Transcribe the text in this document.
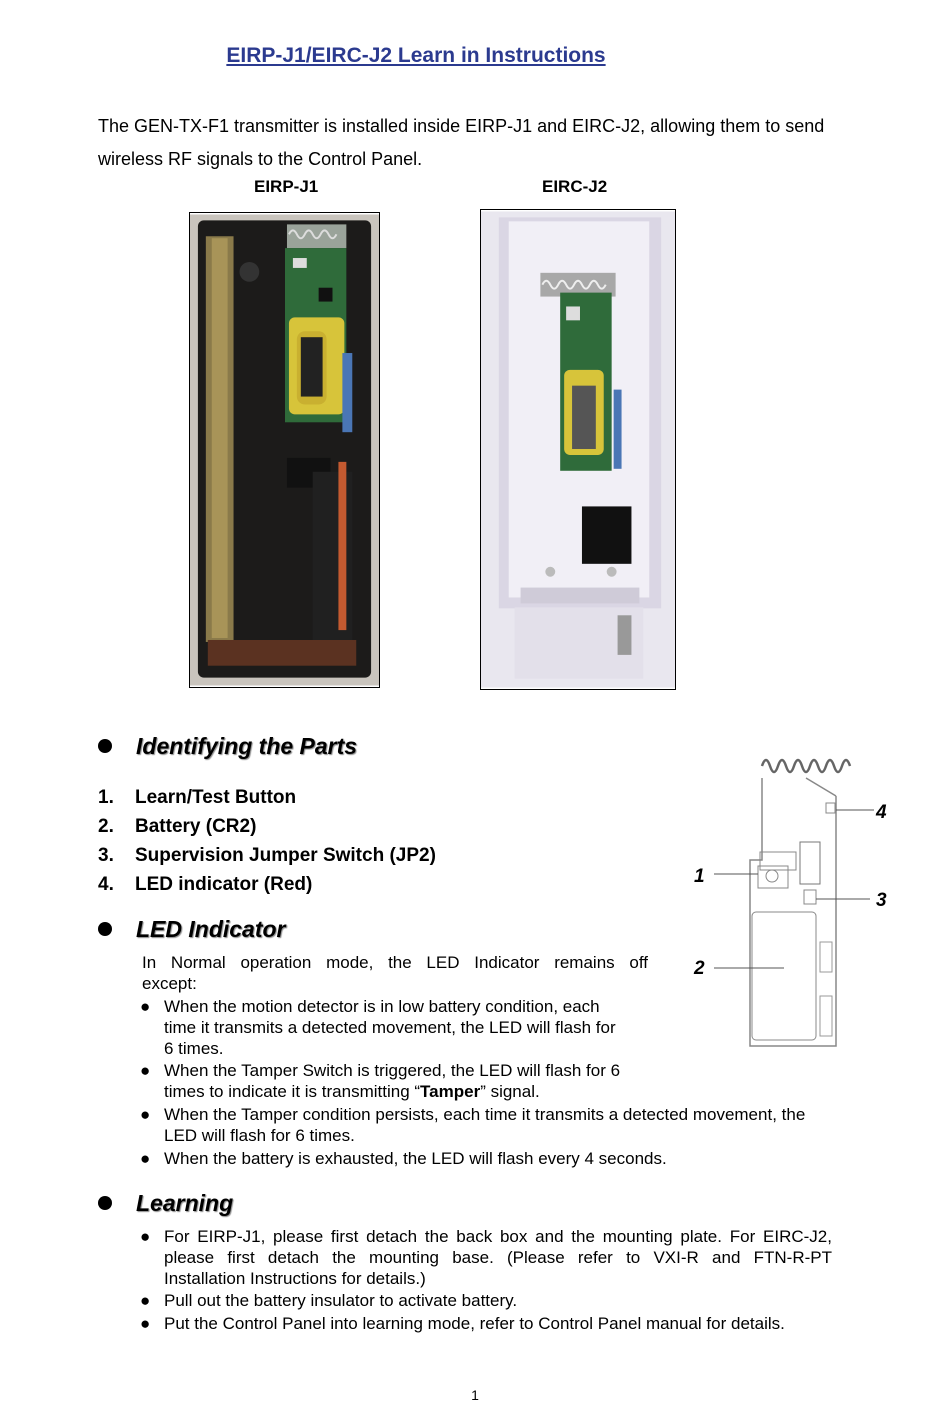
EIRP-J1/EIRC-J2 Learn in Instructions
The GEN-TX-F1 transmitter is installed inside EIRP-J1 and EIRC-J2, allowing them to send
wireless RF signals to the Control Panel.
EIRP-J1	EIRC-J2
Identifying the Parts
1. Learn/Test Button
2. Battery (CR2)
3. Supervision Jumper Switch (JP2)
4. LED indicator (Red)	1
2
3
4
LED Indicator
In Normal operation mode, the LED Indicator remains off
except:
● When the motion detector is in low battery condition, each
time it transmits a detected movement, the LED will flash for
6 times.
● When the Tamper Switch is triggered, the LED will flash for 6
times to indicate it is transmitting “Tamper” signal.
● When the Tamper condition persists, each time it transmits a detected movement, the
LED will flash for 6 times.
● When the battery is exhausted, the LED will flash every 4 seconds.
Learning
● For EIRP-J1, please first detach the back box and the mounting plate. For EIRC-J2,
please first detach the mounting base. (Please refer to VXI-R and FTN-R-PT
Installation Instructions for details.)
● Pull out the battery insulator to activate battery.
● Put the Control Panel into learning mode, refer to Control Panel manual for details.
1
